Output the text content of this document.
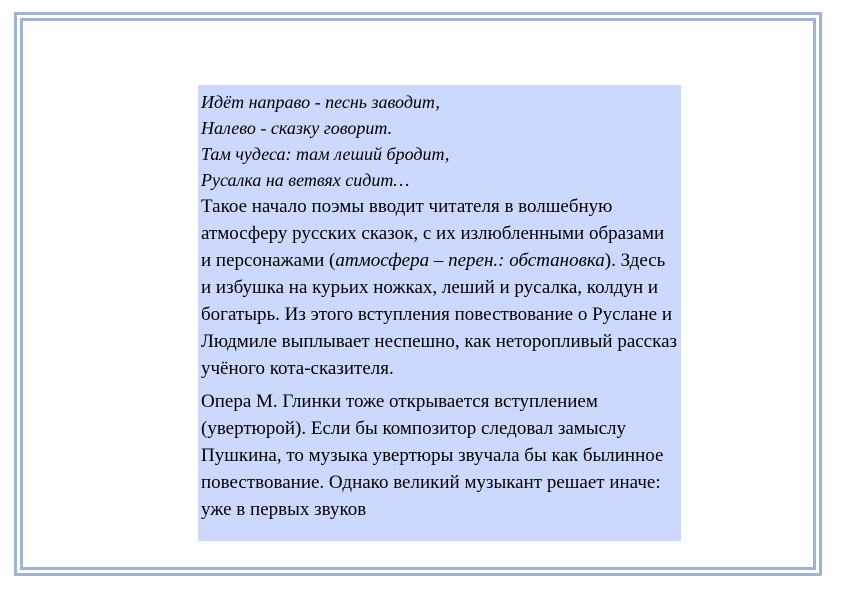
Идёт направо - песнь заводит,
Налево - сказку говорит.
Там чудеса: там леший бродит,
Русалка на ветвях сидит…

Такое начало поэмы вводит читателя в волшебную атмосферу русских сказок, с их излюбленными образами и персонажами (атмосфера – перен.: обстановка). Здесь и избушка на курьих ножках, леший и русалка, колдун и богатырь. Из этого вступления повествование о Руслане и Людмиле выплывает неспешно, как неторопливый рассказ учёного кота-сказителя.

Опера М. Глинки тоже открывается вступлением (увертюрой). Если бы композитор следовал замыслу Пушкина, то музыка увертюры звучала бы как былинное повествование. Однако великий музыкант решает иначе: уже в первых звуков
